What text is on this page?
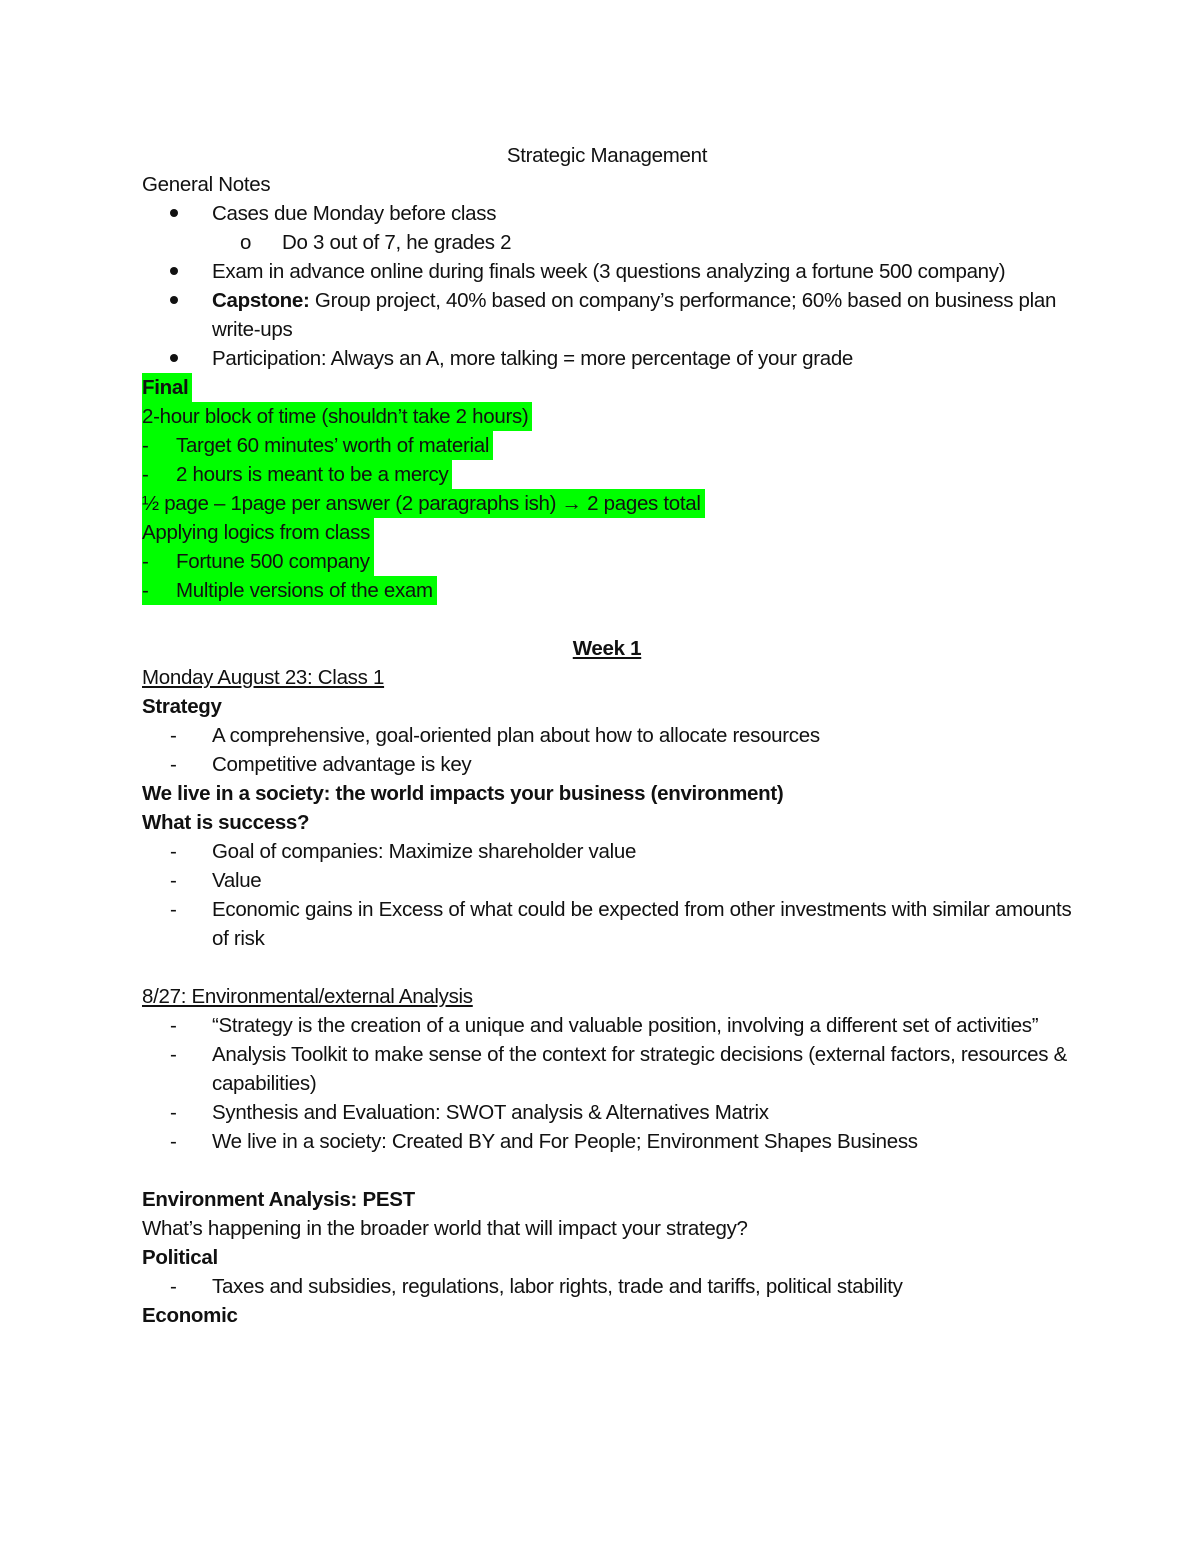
Strategic Management

General Notes

Cases due Monday before class
o	Do 3 out of 7, he grades 2
Exam in advance online during finals week (3 questions analyzing a fortune 500 company)
Capstone: Group project, 40% based on company’s performance; 60% based on business plan write-ups
Participation: Always an A, more talking = more percentage of your grade

Final

2-hour block of time (shouldn’t take 2 hours)

- Target 60 minutes’ worth of material

- 2 hours is meant to be a mercy

½ page – 1page per answer (2 paragraphs ish) → 2 pages total

Applying logics from class

- Fortune 500 company

- Multiple versions of the exam

Week 1

Monday August 23: Class 1

Strategy

-	A comprehensive, goal-oriented plan about how to allocate resources
-	Competitive advantage is key

We live in a society: the world impacts your business (environment)

What is success?

-	Goal of companies: Maximize shareholder value
-	Value
-	Economic gains in Excess of what could be expected from other investments with similar amounts of risk

8/27: Environmental/external Analysis

-	“Strategy is the creation of a unique and valuable position, involving a different set of activities”
-	Analysis Toolkit to make sense of the context for strategic decisions (external factors, resources & capabilities)
-	Synthesis and Evaluation: SWOT analysis & Alternatives Matrix
-	We live in a society: Created BY and For People; Environment Shapes Business

Environment Analysis: PEST

What’s happening in the broader world that will impact your strategy?

Political

-	Taxes and subsidies, regulations, labor rights, trade and tariffs, political stability

Economic
